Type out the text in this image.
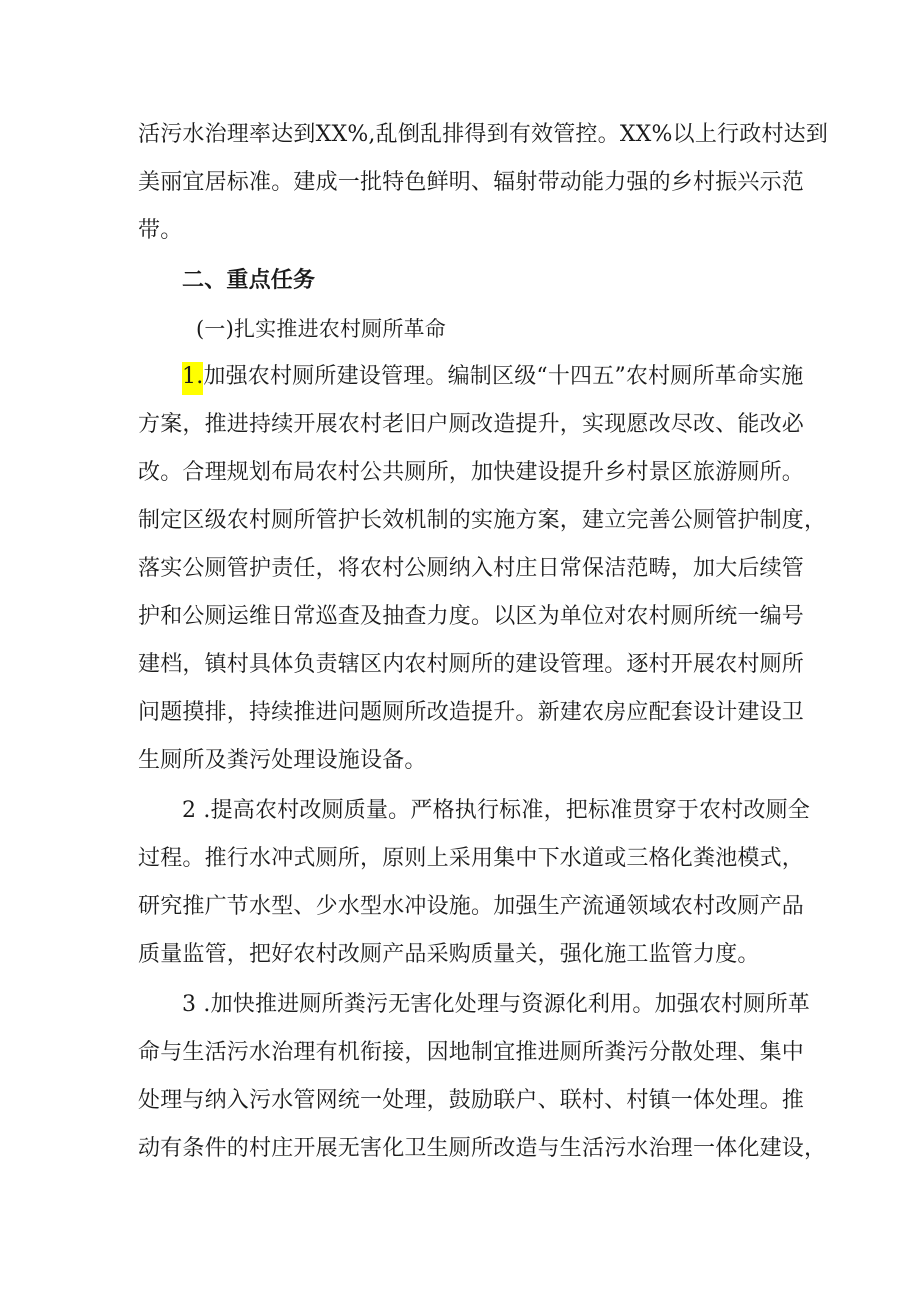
活污水治理率达到XX%,乱倒乱排得到有效管控。XX%以上行政村达到
美丽宜居标准。建成一批特色鲜明、辐射带动能力强的乡村振兴示范
带。
二、重点任务
(一)扎实推进农村厕所革命
1.加强农村厕所建设管理。编制区级“十四五”农村厕所革命实施
方案，推进持续开展农村老旧户厕改造提升，实现愿改尽改、能改必
改。合理规划布局农村公共厕所，加快建设提升乡村景区旅游厕所。
制定区级农村厕所管护长效机制的实施方案，建立完善公厕管护制度，
落实公厕管护责任，将农村公厕纳入村庄日常保洁范畴，加大后续管
护和公厕运维日常巡查及抽查力度。以区为单位对农村厕所统一编号
建档，镇村具体负责辖区内农村厕所的建设管理。逐村开展农村厕所
问题摸排，持续推进问题厕所改造提升。新建农房应配套设计建设卫
生厕所及粪污处理设施设备。
2 .提高农村改厕质量。严格执行标准，把标准贯穿于农村改厕全
过程。推行水冲式厕所，原则上采用集中下水道或三格化粪池模式，
研究推广节水型、少水型水冲设施。加强生产流通领域农村改厕产品
质量监管，把好农村改厕产品采购质量关，强化施工监管力度。
3 .加快推进厕所粪污无害化处理与资源化利用。加强农村厕所革
命与生活污水治理有机衔接，因地制宜推进厕所粪污分散处理、集中
处理与纳入污水管网统一处理，鼓励联户、联村、村镇一体处理。推
动有条件的村庄开展无害化卫生厕所改造与生活污水治理一体化建设，
